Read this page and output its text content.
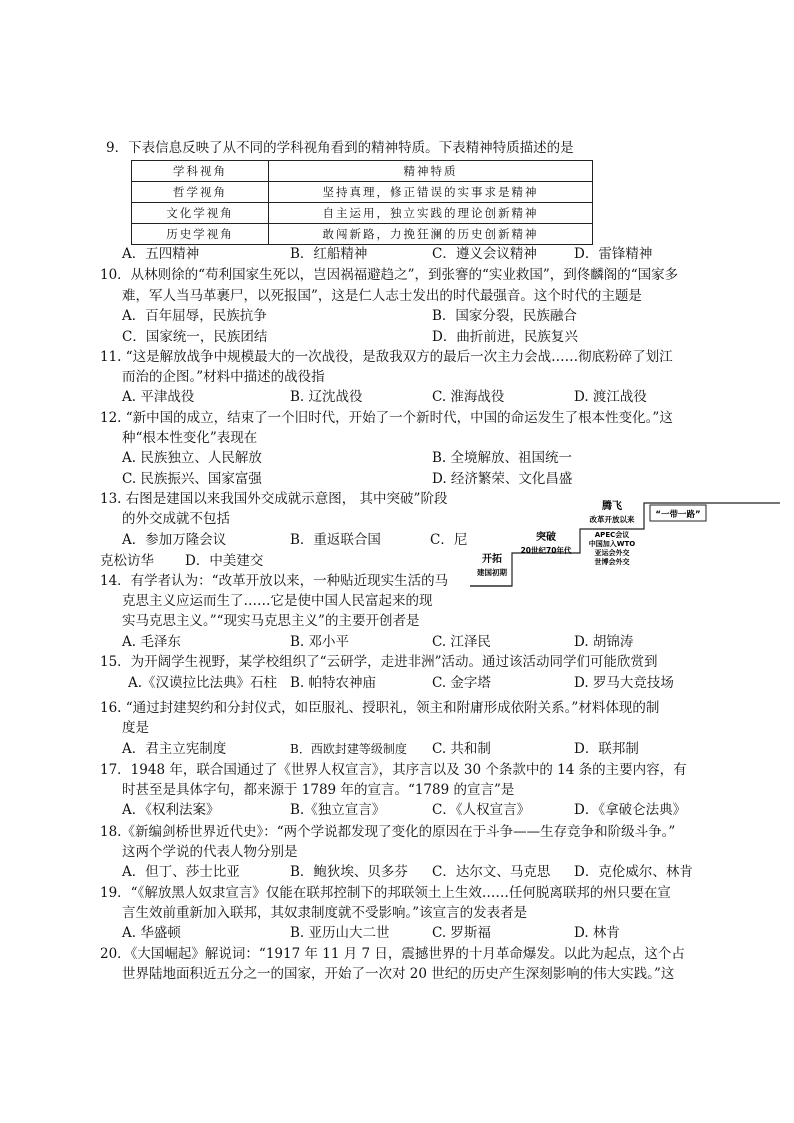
9．下表信息反映了从不同的学科视角看到的精神特质。下表精神特质描述的是
学科视角	精神特质
哲学视角	坚持真理，修正错误的实事求是精神
文化学视角	自主运用，独立实践的理论创新精神
历史学视角	敢闯新路，力挽狂澜的历史创新精神
A．五四精神	B．红船精神	C．遵义会议精神	D．雷锋精神
10．从林则徐的“苟利国家生死以，岂因祸福避趋之”，到张謇的“实业救国”，到佟麟阁的“国家多
难，军人当马革裹尸，以死报国”，这是仁人志士发出的时代最强音。这个时代的主题是
A．百年屈辱，民族抗争	B．国家分裂，民族融合
C．国家统一，民族团结	D．曲折前进，民族复兴
11. “这是解放战争中规模最大的一次战役，是敌我双方的最后一次主力会战……彻底粉碎了划江
而治的企图。”材料中描述的战役指
A. 平津战役	B. 辽沈战役	C. 淮海战役	D. 渡江战役
12. “新中国的成立，结束了一个旧时代，开始了一个新时代，中国的命运发生了根本性变化。”这
种“根本性变化”表现在
A. 民族独立、人民解放	B. 全境解放、祖国统一
C. 民族振兴、国家富强	D. 经济繁荣、文化昌盛
13. 右图是建国以来我国外交成就示意图， 其中突破”阶段
的外交成就不包括
A．参加万隆会议	B．重返联合国	C．尼
克松访华 D．中美建交	开拓
建国初期
突破
20世纪70年代
腾飞
改革开放以来 “一带一路”
APEC会议
中国加入WTO
亚运会外交
世博会外交
14．有学者认为：“改革开放以来，一种贴近现实生活的马
克思主义应运而生了……它是使中国人民富起来的现
实马克思主义。”“现实马克思主义”的主要开创者是
A. 毛泽东	B. 邓小平	C. 江泽民	D. 胡锦涛
15．为开阔学生视野，某学校组织了“云研学，走进非洲”活动。通过该活动同学们可能欣赏到
A.《汉谟拉比法典》石柱 B. 帕特农神庙	C. 金字塔	D. 罗马大竞技场
16. “通过封建契约和分封仪式，如臣服礼、授职礼，领主和附庸形成依附关系。”材料体现的制
度是
A．君主立宪制度	B．西欧封建等级制度 C. 共和制	D．联邦制
17．1948 年，联合国通过了《世界人权宣言》，其序言以及 30 个条款中的 14 条的主要内容，有
时甚至是具体字句，都来源于 1789 年的宣言。“1789 的宣言”是
A．《权利法案》	B.《独立宣言》	C．《人权宣言》	D．《拿破仑法典》
18.《新编剑桥世界近代史》：“两个学说都发现了变化的原因在于斗争——生存竞争和阶级斗争。”
这两个学说的代表人物分别是
A．但丁、莎士比亚	B．鲍狄埃、贝多芬 C．达尔文、马克思 D．克伦威尔、林肯
19．“《解放黑人奴隶宣言》仅能在联邦控制下的邦联领土上生效……任何脱离联邦的州只要在宣
言生效前重新加入联邦，其奴隶制度就不受影响。”该宣言的发表者是
A. 华盛顿	B. 亚历山大二世	C. 罗斯福	D. 林肯
20．《大国崛起》解说词：“1917 年 11 月 7 日，震撼世界的十月革命爆发。以此为起点，这个占
世界陆地面积近五分之一的国家，开始了一次对 20 世纪的历史产生深刻影响的伟大实践。”这
